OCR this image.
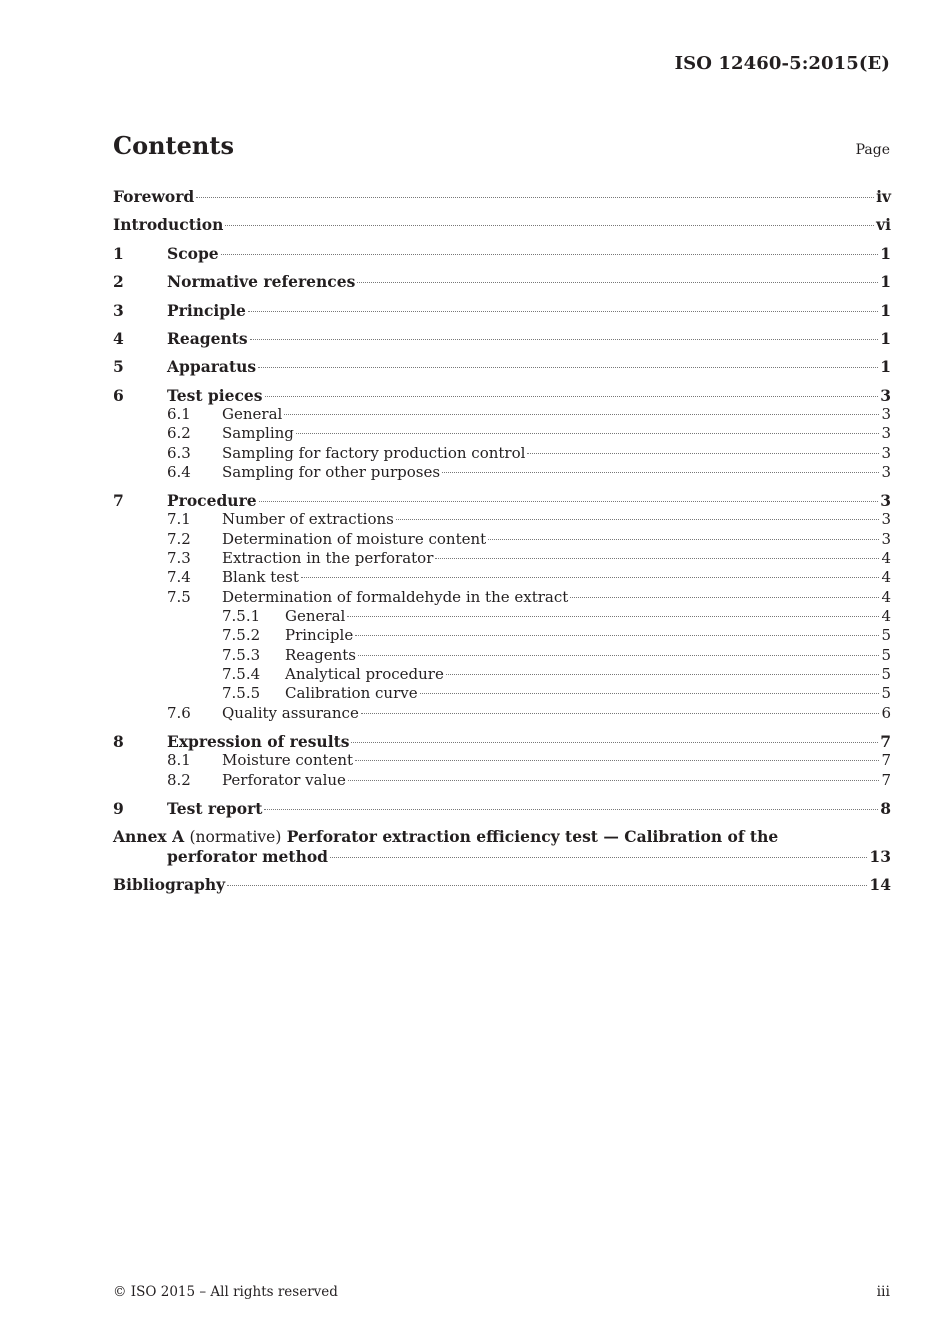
ISO 12460-5:2015(E)
Contents	Page
Foreword	iv
Introduction	vi
1	Scope	1
2	Normative references	1
3	Principle	1
4	Reagents	1
5	Apparatus	1
6	Test pieces	3
6.1	General	3
6.2	Sampling	3
6.3	Sampling for factory production control	3
6.4	Sampling for other purposes	3
7	Procedure	3
7.1	Number of extractions	3
7.2	Determination of moisture content	3
7.3	Extraction in the perforator	4
7.4	Blank test	4
7.5	Determination of formaldehyde in the extract	4
7.5.1	General	4
7.5.2	Principle	5
7.5.3	Reagents	5
7.5.4	Analytical procedure	5
7.5.5	Calibration curve	5
7.6	Quality assurance	6
8	Expression of results	7
8.1	Moisture content	7
8.2	Perforator value	7
9	Test report	8
Annex A
(normative)
Perforator extraction efficiency test — Calibration of the
perforator method	13
Bibliography	14
© ISO 2015 – All rights reserved	iii
